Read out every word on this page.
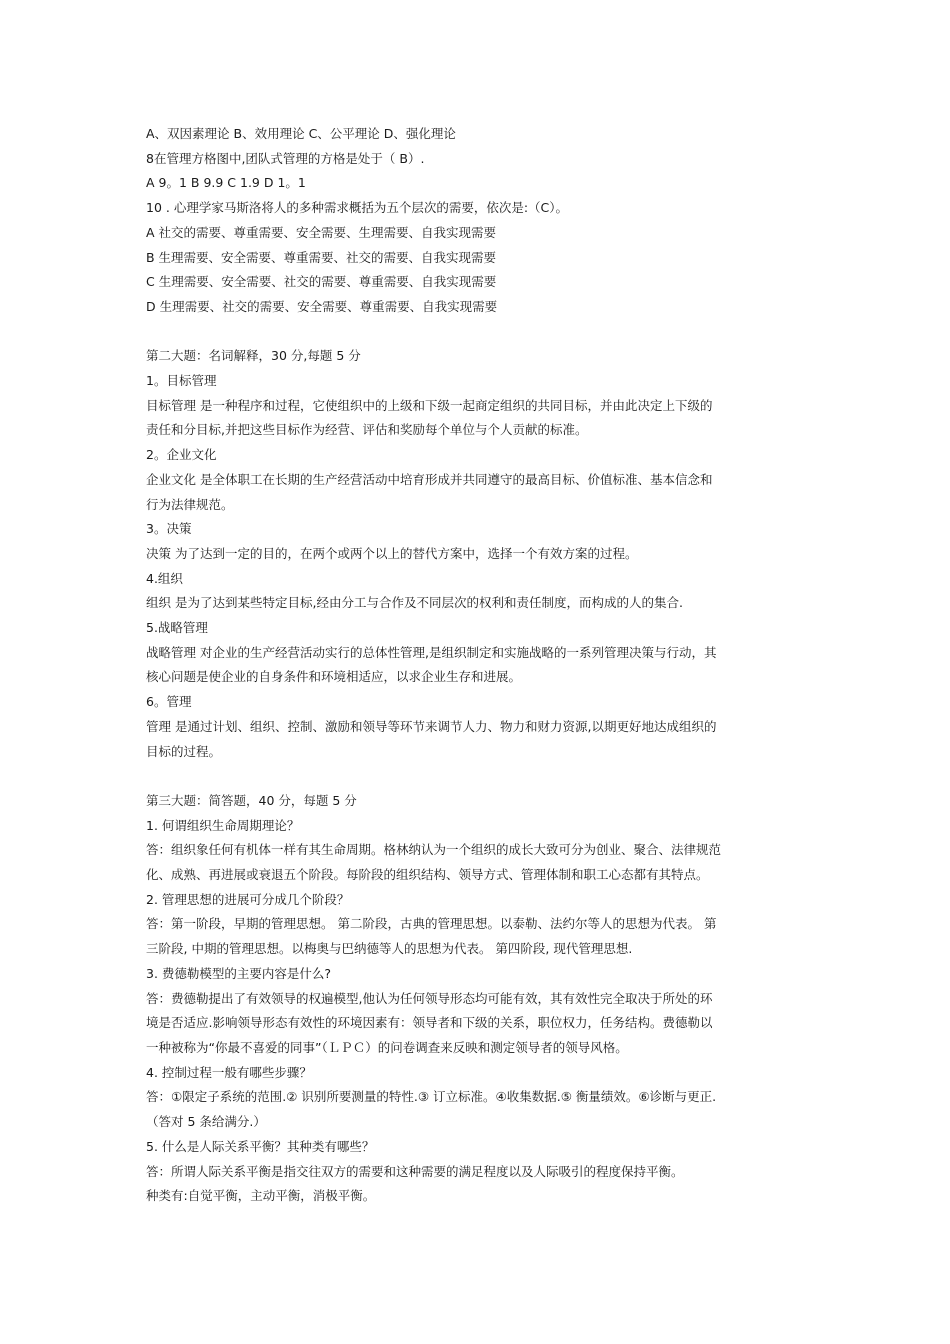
A、双因素理论 B、效用理论 C、公平理论 D、强化理论
8在管理方格图中,团队式管理的方格是处于（ B）.
A 9。1 B 9.9 C 1.9 D 1。1
10 . 心理学家马斯洛将人的多种需求概括为五个层次的需要，依次是:（C）。
A 社交的需要、尊重需要、安全需要、生理需要、自我实现需要
B 生理需要、安全需要、尊重需要、社交的需要、自我实现需要
C 生理需要、安全需要、社交的需要、尊重需要、自我实现需要
D 生理需要、社交的需要、安全需要、尊重需要、自我实现需要
第二大题：名词解释，30 分,每题 5 分
1。目标管理
目标管理 是一种程序和过程，它使组织中的上级和下级一起商定组织的共同目标，并由此决定上下级的
责任和分目标,并把这些目标作为经营、评估和奖励每个单位与个人贡献的标准。
2。企业文化
企业文化 是全体职工在长期的生产经营活动中培育形成并共同遵守的最高目标、价值标准、基本信念和
行为法律规范。
3。决策
决策 为了达到一定的目的，在两个或两个以上的替代方案中，选择一个有效方案的过程。
4.组织
组织 是为了达到某些特定目标,经由分工与合作及不同层次的权利和责任制度，而构成的人的集合.
5.战略管理
战略管理 对企业的生产经营活动实行的总体性管理,是组织制定和实施战略的一系列管理决策与行动，其
核心问题是使企业的自身条件和环境相适应，以求企业生存和进展。
6。管理
管理 是通过计划、组织、控制、激励和领导等环节来调节人力、物力和财力资源,以期更好地达成组织的
目标的过程。
第三大题：简答题，40 分，每题 5 分
1. 何谓组织生命周期理论？
答：组织象任何有机体一样有其生命周期。格林纳认为一个组织的成长大致可分为创业、聚合、法律规范
化、成熟、再进展或衰退五个阶段。每阶段的组织结构、领导方式、管理体制和职工心态都有其特点。
2. 管理思想的进展可分成几个阶段？
答：第一阶段，早期的管理思想。 第二阶段，古典的管理思想。以泰勒、法约尔等人的思想为代表。 第
三阶段, 中期的管理思想。以梅奥与巴纳德等人的思想为代表。 第四阶段, 现代管理思想.
3. 费德勒模型的主要内容是什么?
答：费德勒提出了有效领导的权遍模型,他认为任何领导形态均可能有效，其有效性完全取决于所处的环
境是否适应.影响领导形态有效性的环境因素有：领导者和下级的关系，职位权力，任务结构。费德勒以
一种被称为“你最不喜爱的同事”（ＬＰＣ）的问卷调查来反映和测定领导者的领导风格。
4. 控制过程一般有哪些步骤？
答：①限定子系统的范围.② 识别所要测量的特性.③ 订立标准。④收集数据.⑤ 衡量绩效。⑥诊断与更正.
（答对 5 条给满分.）
5. 什么是人际关系平衡？其种类有哪些？
答：所谓人际关系平衡是指交往双方的需要和这种需要的满足程度以及人际吸引的程度保持平衡。
种类有:自觉平衡，主动平衡，消极平衡。
